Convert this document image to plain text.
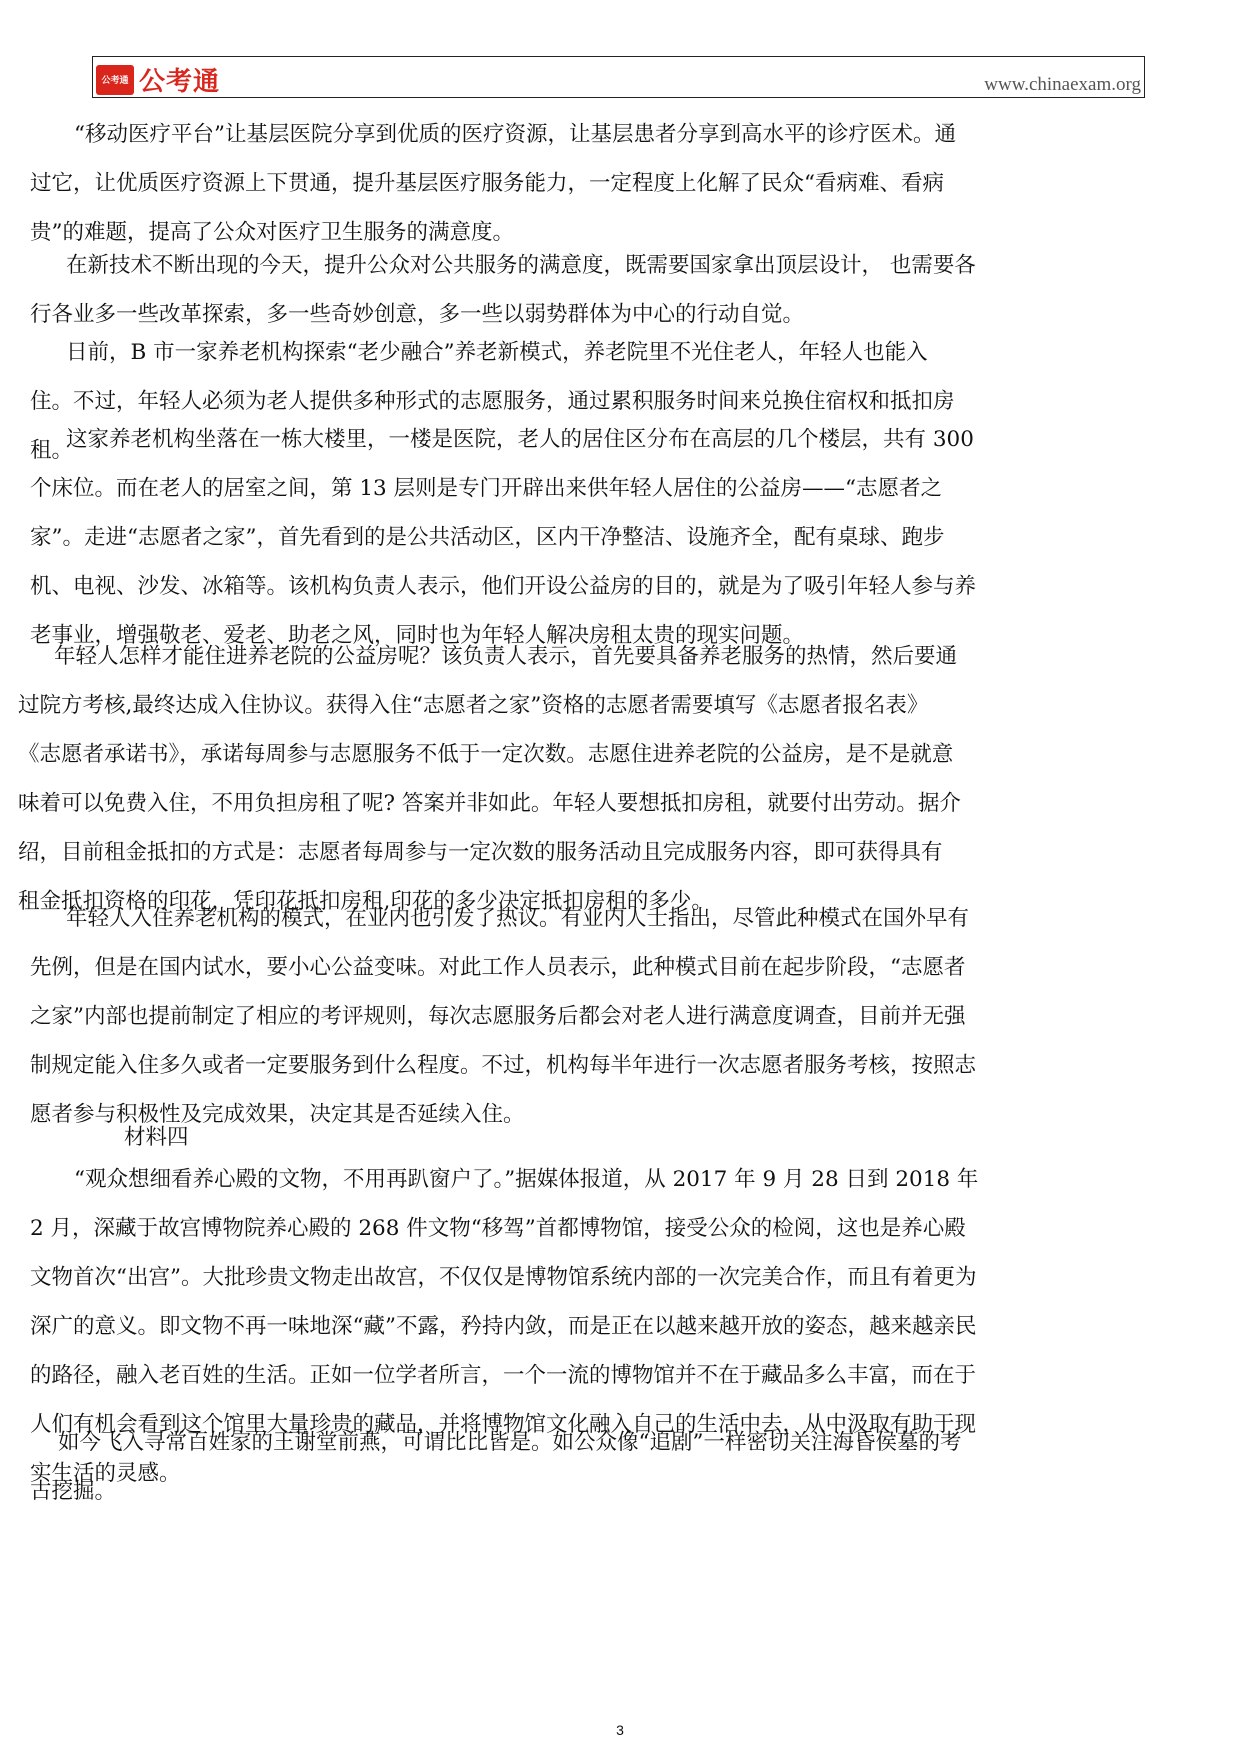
公考通 公考通	www.chinaexam.org

“移动医疗平台”让基层医院分享到优质的医疗资源，让基层患者分享到高水平的诊疗医术。通过它，让优质医疗资源上下贯通，提升基层医疗服务能力，一定程度上化解了民众“看病难、看病贵”的难题，提高了公众对医疗卫生服务的满意度。

在新技术不断出现的今天，提升公众对公共服务的满意度，既需要国家拿出顶层设计， 也需要各行各业多一些改革探索，多一些奇妙创意，多一些以弱势群体为中心的行动自觉。

日前，B 市一家养老机构探索“老少融合”养老新模式，养老院里不光住老人，年轻人也能入住。不过，年轻人必须为老人提供多种形式的志愿服务，通过累积服务时间来兑换住宿权和抵扣房租。

这家养老机构坐落在一栋大楼里，一楼是医院，老人的居住区分布在高层的几个楼层，共有 300 个床位。而在老人的居室之间，第 13 层则是专门开辟出来供年轻人居住的公益房——“志愿者之家”。走进“志愿者之家”，首先看到的是公共活动区，区内干净整洁、设施齐全，配有桌球、跑步机、电视、沙发、冰箱等。该机构负责人表示，他们开设公益房的目的，就是为了吸引年轻人参与养老事业，增强敬老、爱老、助老之风，同时也为年轻人解决房租太贵的现实问题。

年轻人怎样才能住进养老院的公益房呢？该负责人表示，首先要具备养老服务的热情，然后要通过院方考核,最终达成入住协议。获得入住“志愿者之家”资格的志愿者需要填写《志愿者报名表》 《志愿者承诺书》，承诺每周参与志愿服务不低于一定次数。志愿住进养老院的公益房，是不是就意味着可以免费入住，不用负担房租了呢? 答案并非如此。年轻人要想抵扣房租，就要付出劳动。据介绍，目前租金抵扣的方式是：志愿者每周参与一定次数的服务活动且完成服务内容，即可获得具有租金抵扣资格的印花，凭印花抵扣房租,印花的多少决定抵扣房租的多少。

年轻人入住养老机构的模式，在业内也引发了热议。有业内人士指出，尽管此种模式在国外早有先例，但是在国内试水，要小心公益变味。对此工作人员表示，此种模式目前在起步阶段，“志愿者之家”内部也提前制定了相应的考评规则，每次志愿服务后都会对老人进行满意度调查，目前并无强制规定能入住多久或者一定要服务到什么程度。不过，机构每半年进行一次志愿者服务考核，按照志愿者参与积极性及完成效果，决定其是否延续入住。

材料四

“观众想细看养心殿的文物，不用再趴窗户了。”据媒体报道，从 2017 年 9 月 28 日到 2018 年 2 月，深藏于故宫博物院养心殿的 268 件文物“移驾”首都博物馆，接受公众的检阅，这也是养心殿文物首次“出宫”。大批珍贵文物走出故宫，不仅仅是博物馆系统内部的一次完美合作，而且有着更为深广的意义。即文物不再一味地深“藏”不露，矜持内敛，而是正在以越来越开放的姿态，越来越亲民的路径，融入老百姓的生活。正如一位学者所言，一个一流的博物馆并不在于藏品多么丰富，而在于人们有机会看到这个馆里大量珍贵的藏品，并将博物馆文化融入自己的生活中去，从中汲取有助于现实生活的灵感。

如今飞入寻常百姓家的王谢堂前燕，可谓比比皆是。如公众像“追剧”一样密切关注海昏侯墓的考古挖掘。

3
